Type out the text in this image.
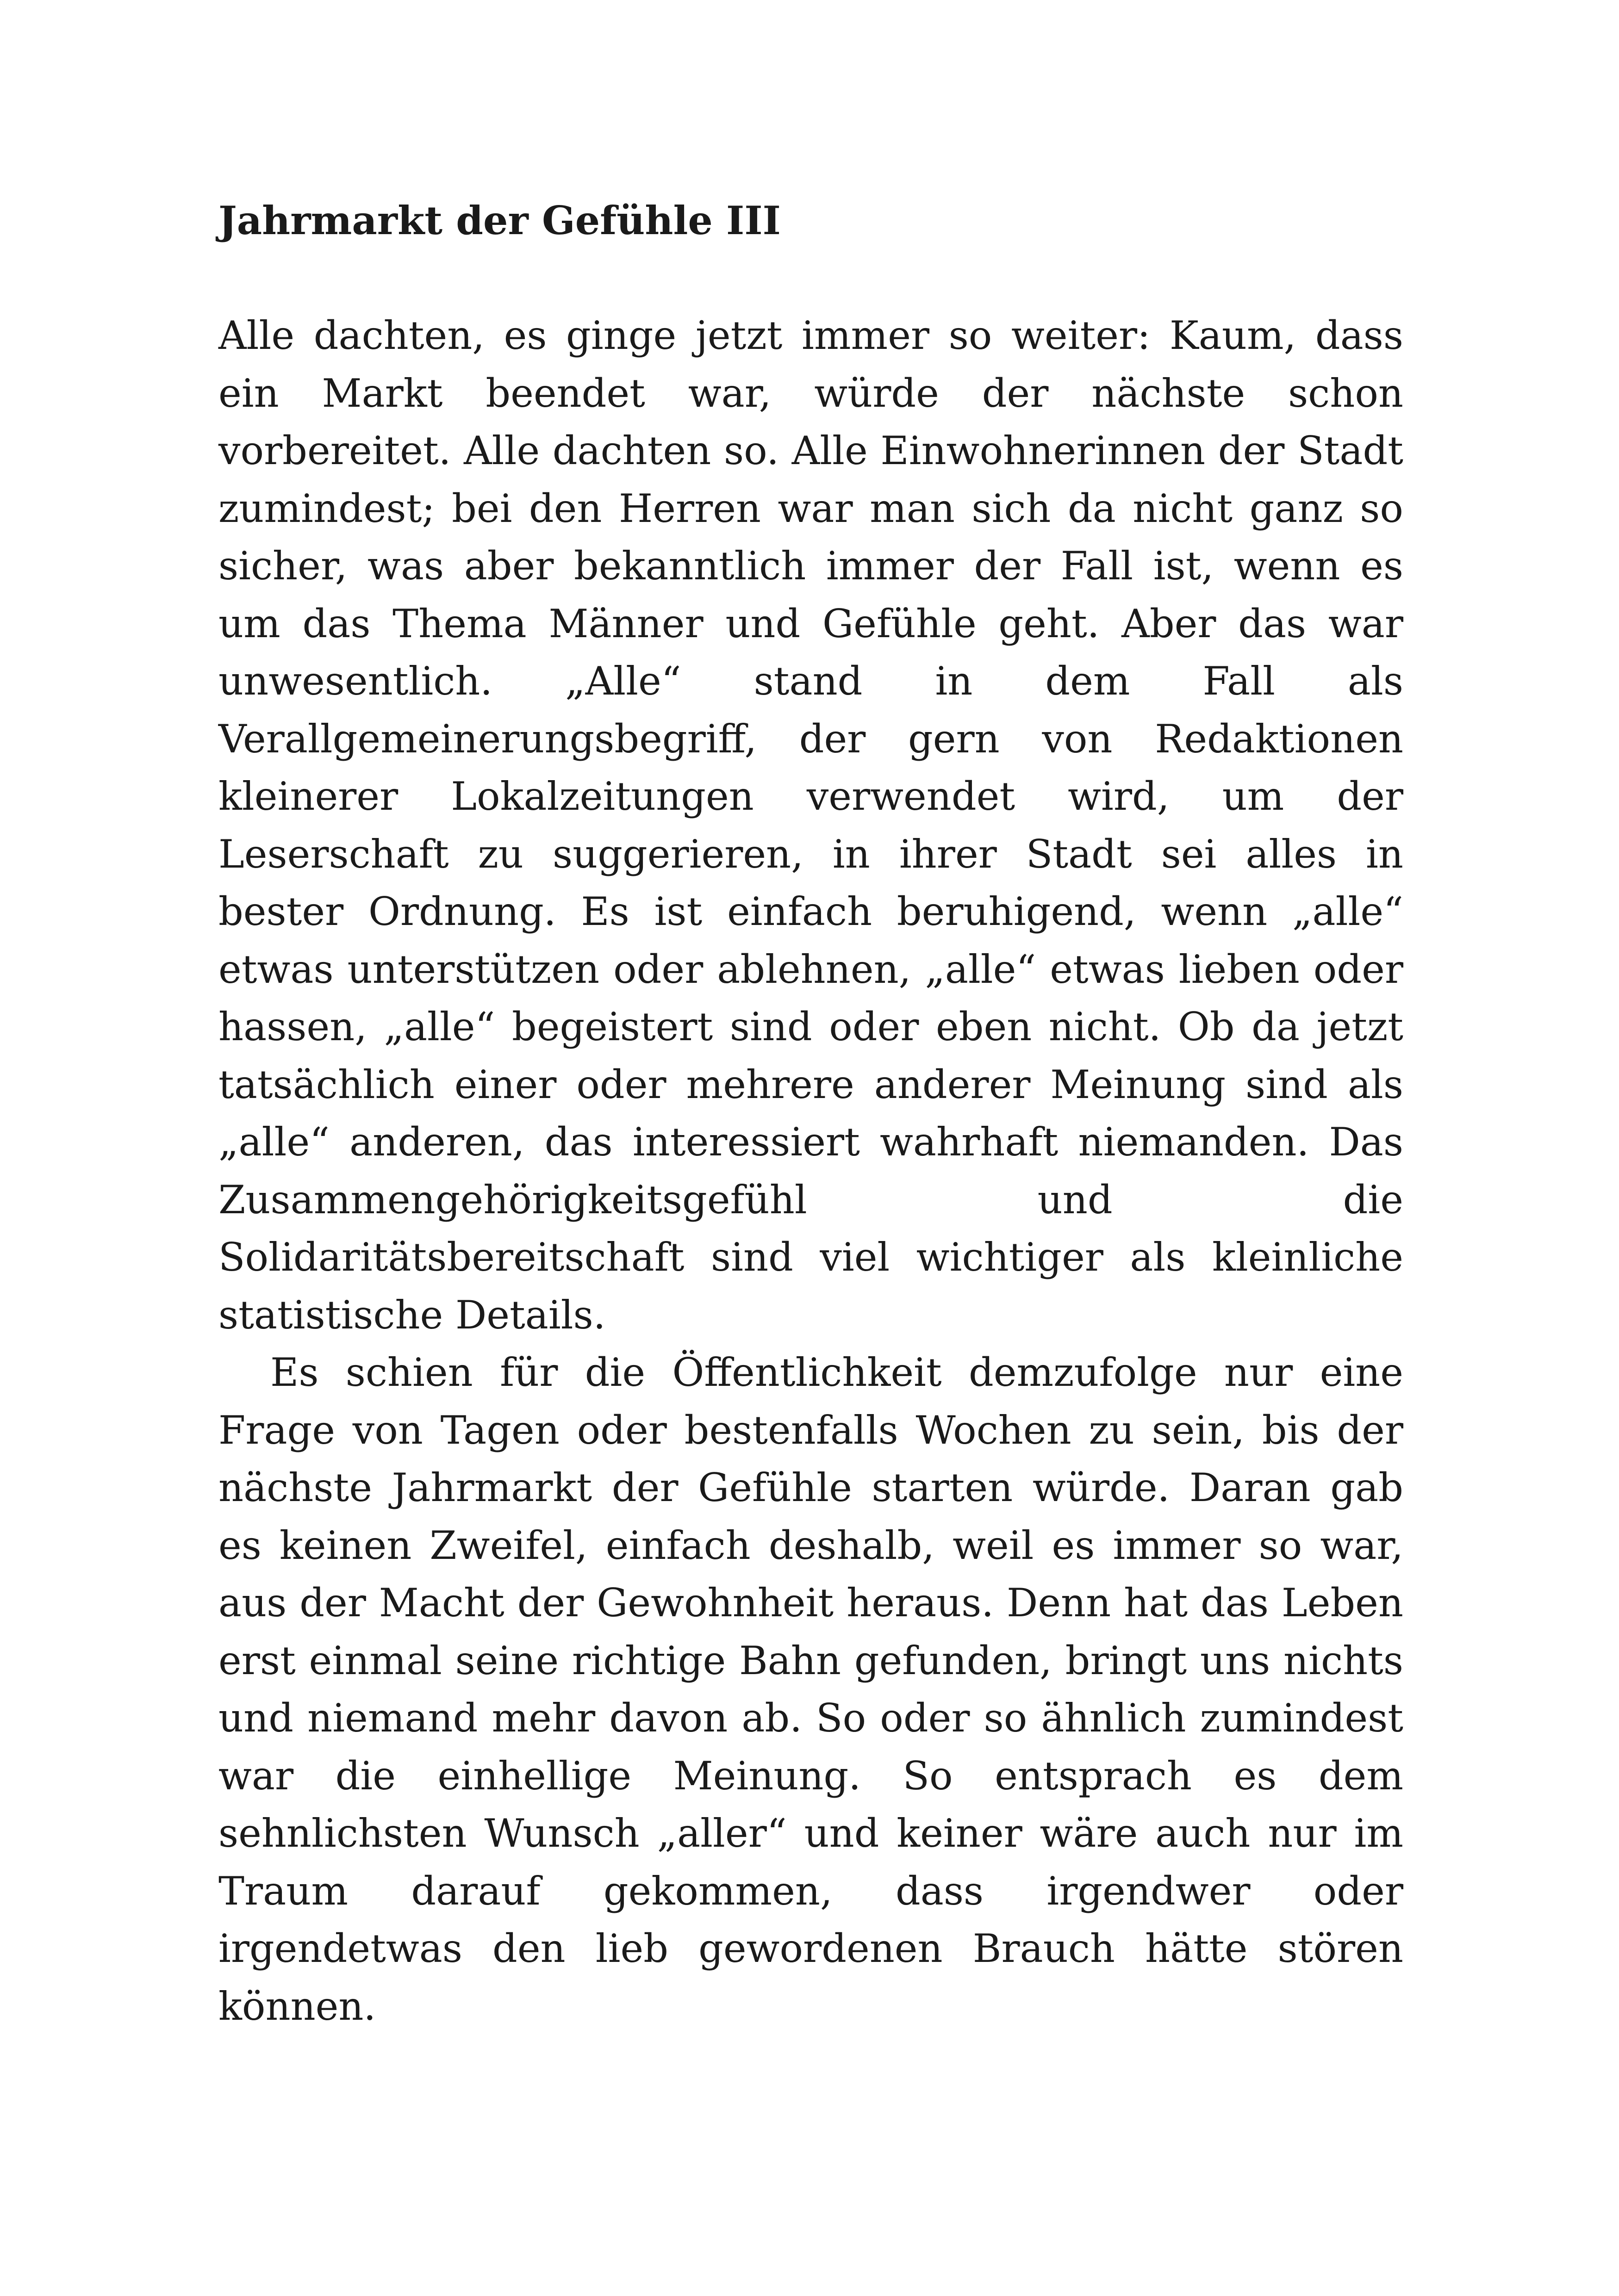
Jahrmarkt der Gefühle III

Alle dachten, es ginge jetzt immer so weiter: Kaum, dass ein Markt beendet war, würde der nächste schon vorbereitet. Alle dachten so. Alle Einwohnerinnen der Stadt zumindest; bei den Herren war man sich da nicht ganz so sicher, was aber bekanntlich immer der Fall ist, wenn es um das Thema Männer und Gefühle geht. Aber das war unwesentlich. „Alle“ stand in dem Fall als Verallgemeinerungsbegriff, der gern von Redaktionen kleinerer Lokalzeitungen verwendet wird, um der Leserschaft zu suggerieren, in ihrer Stadt sei alles in bester Ordnung. Es ist einfach beruhigend, wenn „alle“ etwas unterstützen oder ablehnen, „alle“ etwas lieben oder hassen, „alle“ begeistert sind oder eben nicht. Ob da jetzt tatsächlich einer oder mehrere anderer Meinung sind als „alle“ anderen, das interessiert wahrhaft niemanden. Das Zusammengehörigkeitsgefühl und die Solidaritätsbereitschaft sind viel wichtiger als kleinliche statistische Details.

Es schien für die Öffentlichkeit demzufolge nur eine Frage von Tagen oder bestenfalls Wochen zu sein, bis der nächste Jahrmarkt der Gefühle starten würde. Daran gab es keinen Zweifel, einfach deshalb, weil es immer so war, aus der Macht der Gewohnheit heraus. Denn hat das Leben erst einmal seine richtige Bahn gefunden, bringt uns nichts und niemand mehr davon ab. So oder so ähnlich zumindest war die einhellige Meinung. So entsprach es dem sehnlichsten Wunsch „aller“ und keiner wäre auch nur im Traum darauf gekommen, dass irgendwer oder irgendetwas den lieb gewordenen Brauch hätte stören können.
